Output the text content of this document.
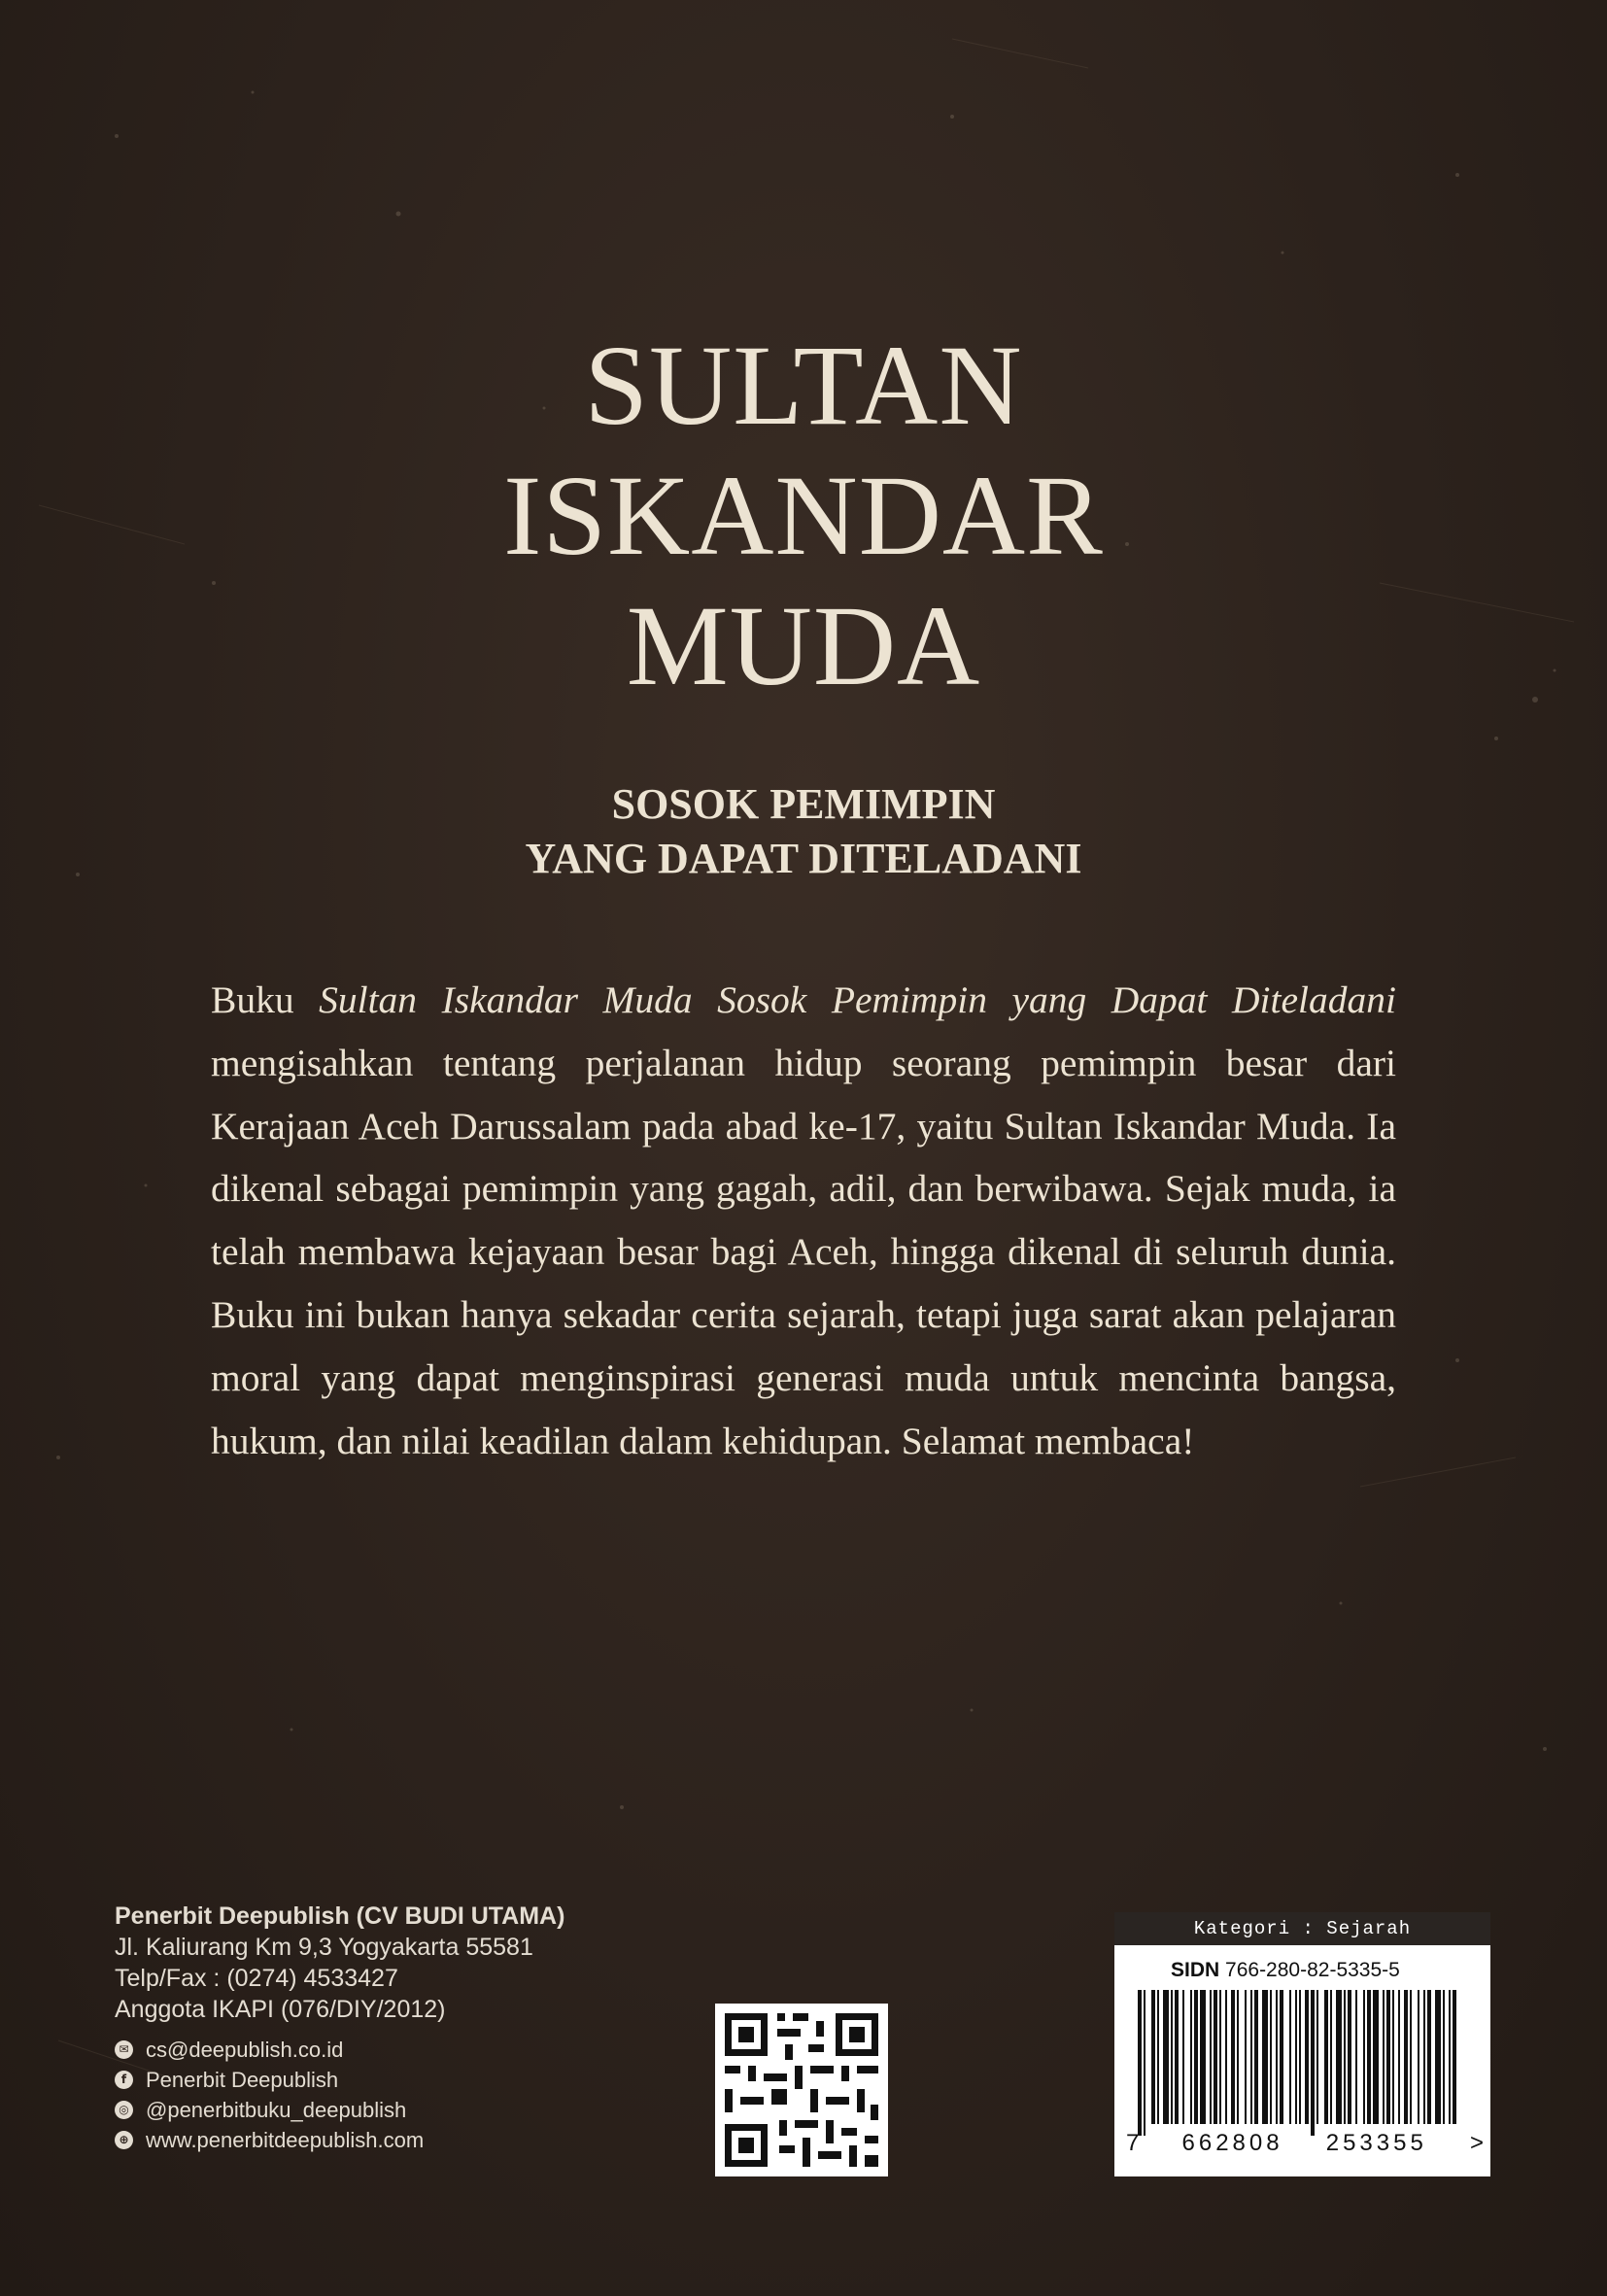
SULTAN
ISKANDAR
MUDA
SOSOK PEMIMPIN
YANG DAPAT DITELADANI
Buku Sultan Iskandar Muda Sosok Pemimpin yang Dapat Diteladani mengisahkan tentang perjalanan hidup seorang pemimpin besar dari Kerajaan Aceh Darussalam pada abad ke-17, yaitu Sultan Iskandar Muda. Ia dikenal sebagai pemimpin yang gagah, adil, dan berwibawa. Sejak muda, ia telah membawa kejayaan besar bagi Aceh, hingga dikenal di seluruh dunia. Buku ini bukan hanya sekadar cerita sejarah, tetapi juga sarat akan pelajaran moral yang dapat menginspirasi generasi muda untuk mencinta bangsa, hukum, dan nilai keadilan dalam kehidupan. Selamat membaca!
Penerbit Deepublish (CV BUDI UTAMA)
Jl. Kaliurang Km 9,3 Yogyakarta 55581
Telp/Fax : (0274) 4533427
Anggota IKAPI (076/DIY/2012)
✉ cs@deepublish.co.id
f Penerbit Deepublish
◎ @penerbitbuku_deepublish
⊕ www.penerbitdeepublish.com
Kategori : Sejarah
SIDN 766-280-82-5335-5
7 662808 253355 >
